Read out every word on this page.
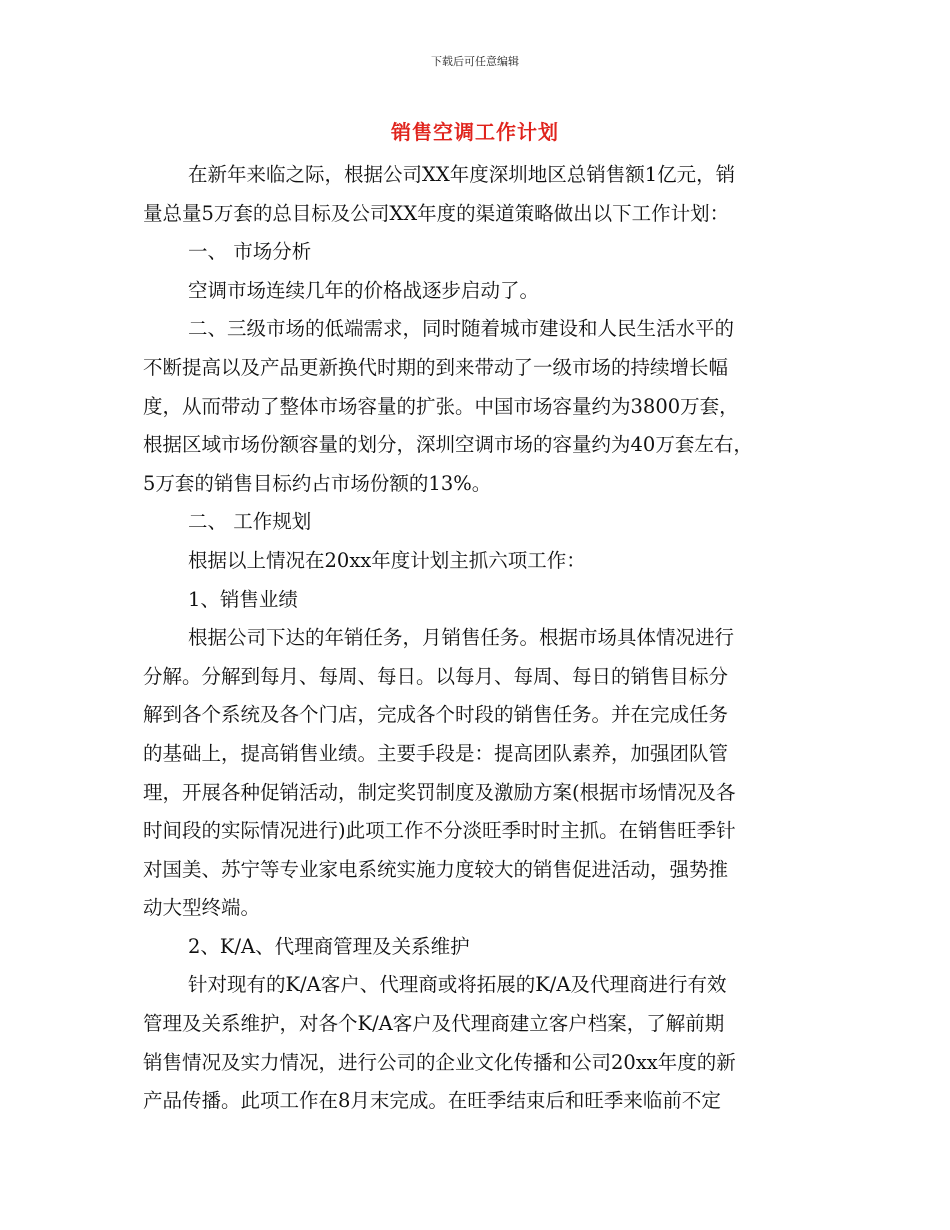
下载后可任意编辑
销售空调工作计划
在新年来临之际，根据公司XX年度深圳地区总销售额1亿元，销
量总量5万套的总目标及公司XX年度的渠道策略做出以下工作计划：
一、 市场分析
空调市场连续几年的价格战逐步启动了。
二、三级市场的低端需求，同时随着城市建设和人民生活水平的
不断提高以及产品更新换代时期的到来带动了一级市场的持续增长幅
度，从而带动了整体市场容量的扩张。中国市场容量约为3800万套，
根据区域市场份额容量的划分，深圳空调市场的容量约为40万套左右，
5万套的销售目标约占市场份额的13%。
二、 工作规划
根据以上情况在20xx年度计划主抓六项工作：
1、销售业绩
根据公司下达的年销任务，月销售任务。根据市场具体情况进行
分解。分解到每月、每周、每日。以每月、每周、每日的销售目标分
解到各个系统及各个门店，完成各个时段的销售任务。并在完成任务
的基础上，提高销售业绩。主要手段是：提高团队素养，加强团队管
理，开展各种促销活动，制定奖罚制度及激励方案(根据市场情况及各
时间段的实际情况进行)此项工作不分淡旺季时时主抓。在销售旺季针
对国美、苏宁等专业家电系统实施力度较大的销售促进活动，强势推
动大型终端。
2、K/A、代理商管理及关系维护
针对现有的K/A客户、代理商或将拓展的K/A及代理商进行有效
管理及关系维护，对各个K/A客户及代理商建立客户档案，了解前期
销售情况及实力情况，进行公司的企业文化传播和公司20xx年度的新
产品传播。此项工作在8月末完成。在旺季结束后和旺季来临前不定
